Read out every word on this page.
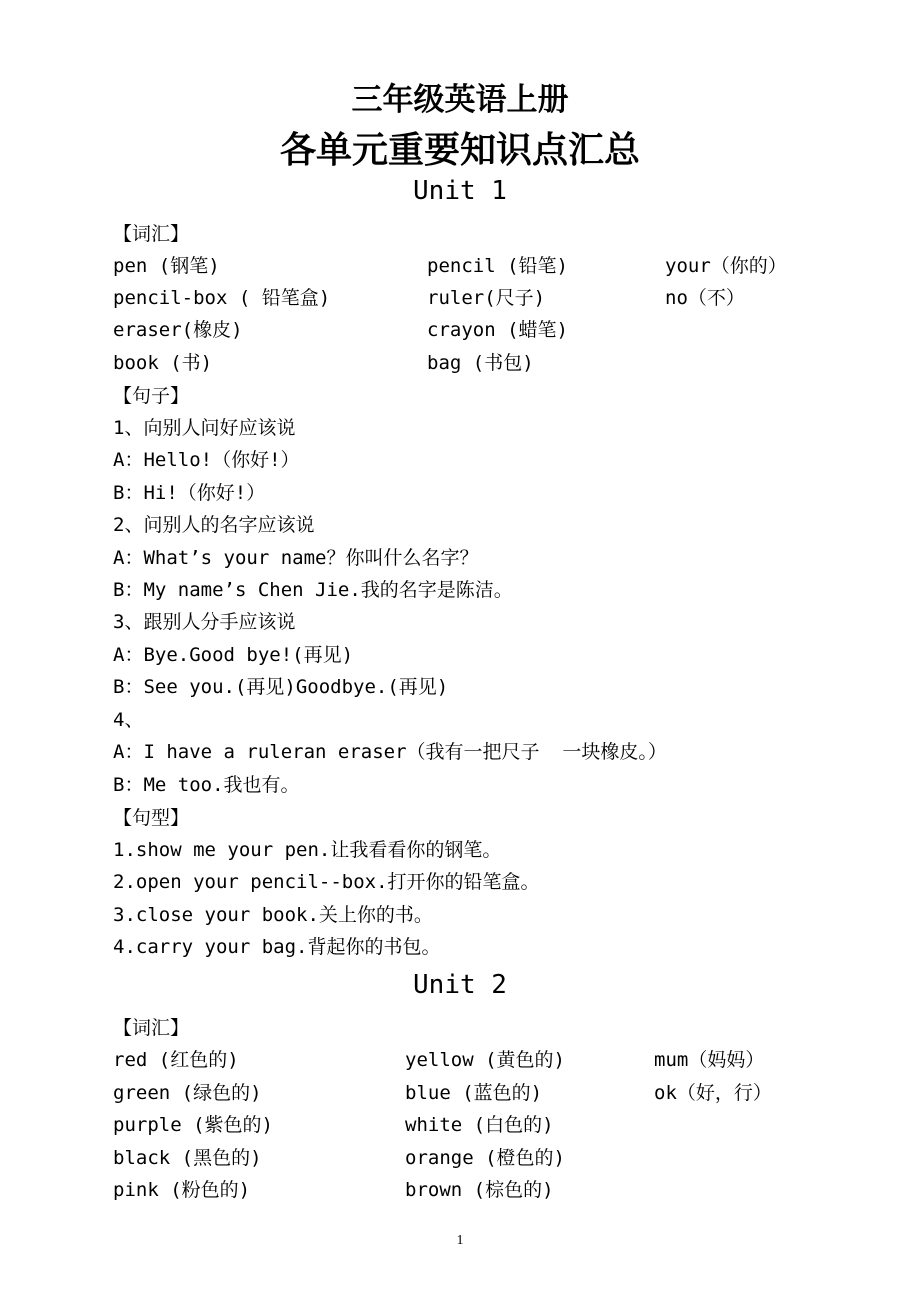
三年级英语上册
各单元重要知识点汇总
Unit 1
【词汇】
pen (钢笔)	pencil (铅笔)	your（你的）
pencil-box ( 铅笔盒)	ruler(尺子)	no（不）
eraser(橡皮)	crayon (蜡笔)
book (书)	bag (书包)
【句子】
1、向别人问好应该说
A：Hello!（你好!）
B：Hi!（你好!）
2、问别人的名字应该说
A：What’s your name？你叫什么名字？
B：My name’s Chen Jie.我的名字是陈洁。
3、跟别人分手应该说
A：Bye.Good bye!(再见)
B：See you.(再见)Goodbye.(再见)
4、
A：I have a ruleran eraser（我有一把尺子  一块橡皮。）
B：Me too.我也有。
【句型】
1.show me your pen.让我看看你的钢笔。
2.open your pencil--box.打开你的铅笔盒。
3.close your book.关上你的书。
4.carry your bag.背起你的书包。
Unit 2
【词汇】
red (红色的)	yellow (黄色的)	mum（妈妈）
green (绿色的)	blue (蓝色的)	ok（好，行）
purple (紫色的)	white (白色的)
black (黑色的)	orange (橙色的)
pink (粉色的)	brown (棕色的)
1
